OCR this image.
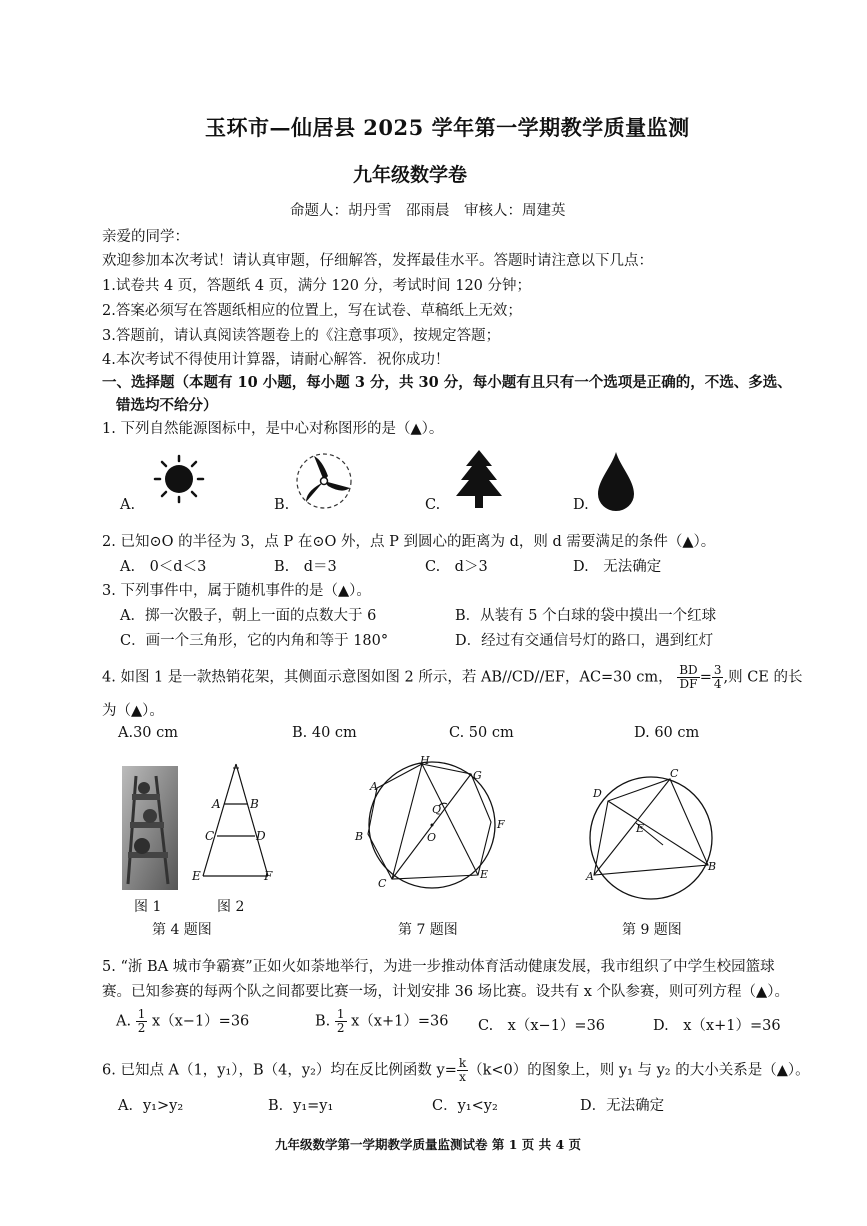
玉环市—仙居县 2025 学年第一学期教学质量监测
九年级数学卷
命题人：胡丹雪　邵雨晨　审核人：周建英
亲爱的同学：
欢迎参加本次考试！请认真审题，仔细解答，发挥最佳水平。答题时请注意以下几点：
1.试卷共 4 页，答题纸 4 页，满分 120 分，考试时间 120 分钟；
2.答案必须写在答题纸相应的位置上，写在试卷、草稿纸上无效；
3.答题前，请认真阅读答题卷上的《注意事项》，按规定答题；
4.本次考试不得使用计算器，请耐心解答．祝你成功！
一、选择题（本题有 10 小题，每小题 3 分，共 30 分，每小题有且只有一个选项是正确的，不选、多选、
错选均不给分）
1. 下列自然能源图标中，是中心对称图形的是（▲）。
A.	B.	C.	D.
2. 已知⊙O 的半径为 3，点 P 在⊙O 外，点 P 到圆心的距离为 d，则 d 需要满足的条件（▲）。
A.　0＜d＜3	B.　d＝3	C.　d＞3	D.　无法确定
3. 下列事件中，属于随机事件的是（▲）。
A．掷一次骰子，朝上一面的点数大于 6	B．从装有 5 个白球的袋中摸出一个红球
C．画一个三角形，它的内角和等于 180°	D．经过有交通信号灯的路口，遇到红灯
4. 如图 1 是一款热销花架，其侧面示意图如图 2 所示，若 AB//CD//EF，AC=30 cm， $\frac{BD}{DF} = \frac{3}{4}$ ,则 CE 的长
为（▲）。
A.30 cm	B. 40 cm	C. 50 cm	D. 60 cm
图 1
A B
C	D
E	F
图 2
第 4 题图
H
G
A
Q
F
B	O
C
E
第 7 题图
C
D
E
A
B
第 9 题图
5. “浙 BA 城市争霸赛”正如火如荼地举行，为进一步推动体育活动健康发展，我市组织了中学生校园篮球
赛。已知参赛的每两个队之间都要比赛一场，计划安排 36 场比赛。设共有 x 个队参赛，则可列方程（▲）。
A. $\frac{1}{2} x(x-1)=36$	B. $\frac{1}{2} x(x+1)=36$ C.　x（x−1）=36	D.　x（x+1）=36
6. 已知点 A（1，y₁），B（4，y₂）均在反比例函数 $y= \frac{k}{x} (k<0)$的图象上，则 y₁ 与 y₂ 的大小关系是（▲）。
A．y₁>y₂	B．y₁=y₁	C．y₁<y₂	D．无法确定
九年级数学第一学期教学质量监测试卷 第 1 页 共 4 页
